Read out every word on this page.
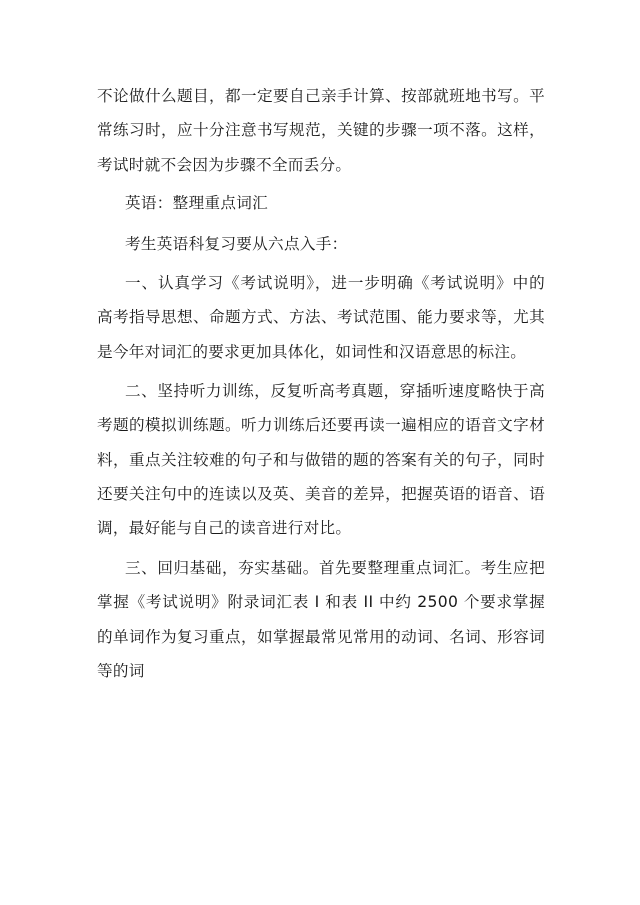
不论做什么题目，都一定要自己亲手计算、按部就班地书写。平常练习时，应十分注意书写规范，关键的步骤一项不落。这样，考试时就不会因为步骤不全而丢分。

英语：整理重点词汇

考生英语科复习要从六点入手：

一、认真学习《考试说明》，进一步明确《考试说明》中的高考指导思想、命题方式、方法、考试范围、能力要求等，尤其是今年对词汇的要求更加具体化，如词性和汉语意思的标注。

二、坚持听力训练，反复听高考真题，穿插听速度略快于高考题的模拟训练题。听力训练后还要再读一遍相应的语音文字材料，重点关注较难的句子和与做错的题的答案有关的句子，同时还要关注句中的连读以及英、美音的差异，把握英语的语音、语调，最好能与自己的读音进行对比。

三、回归基础，夯实基础。首先要整理重点词汇。考生应把掌握《考试说明》附录词汇表 I 和表 II 中约 2500 个要求掌握的单词作为复习重点，如掌握最常见常用的动词、名词、形容词等的词
